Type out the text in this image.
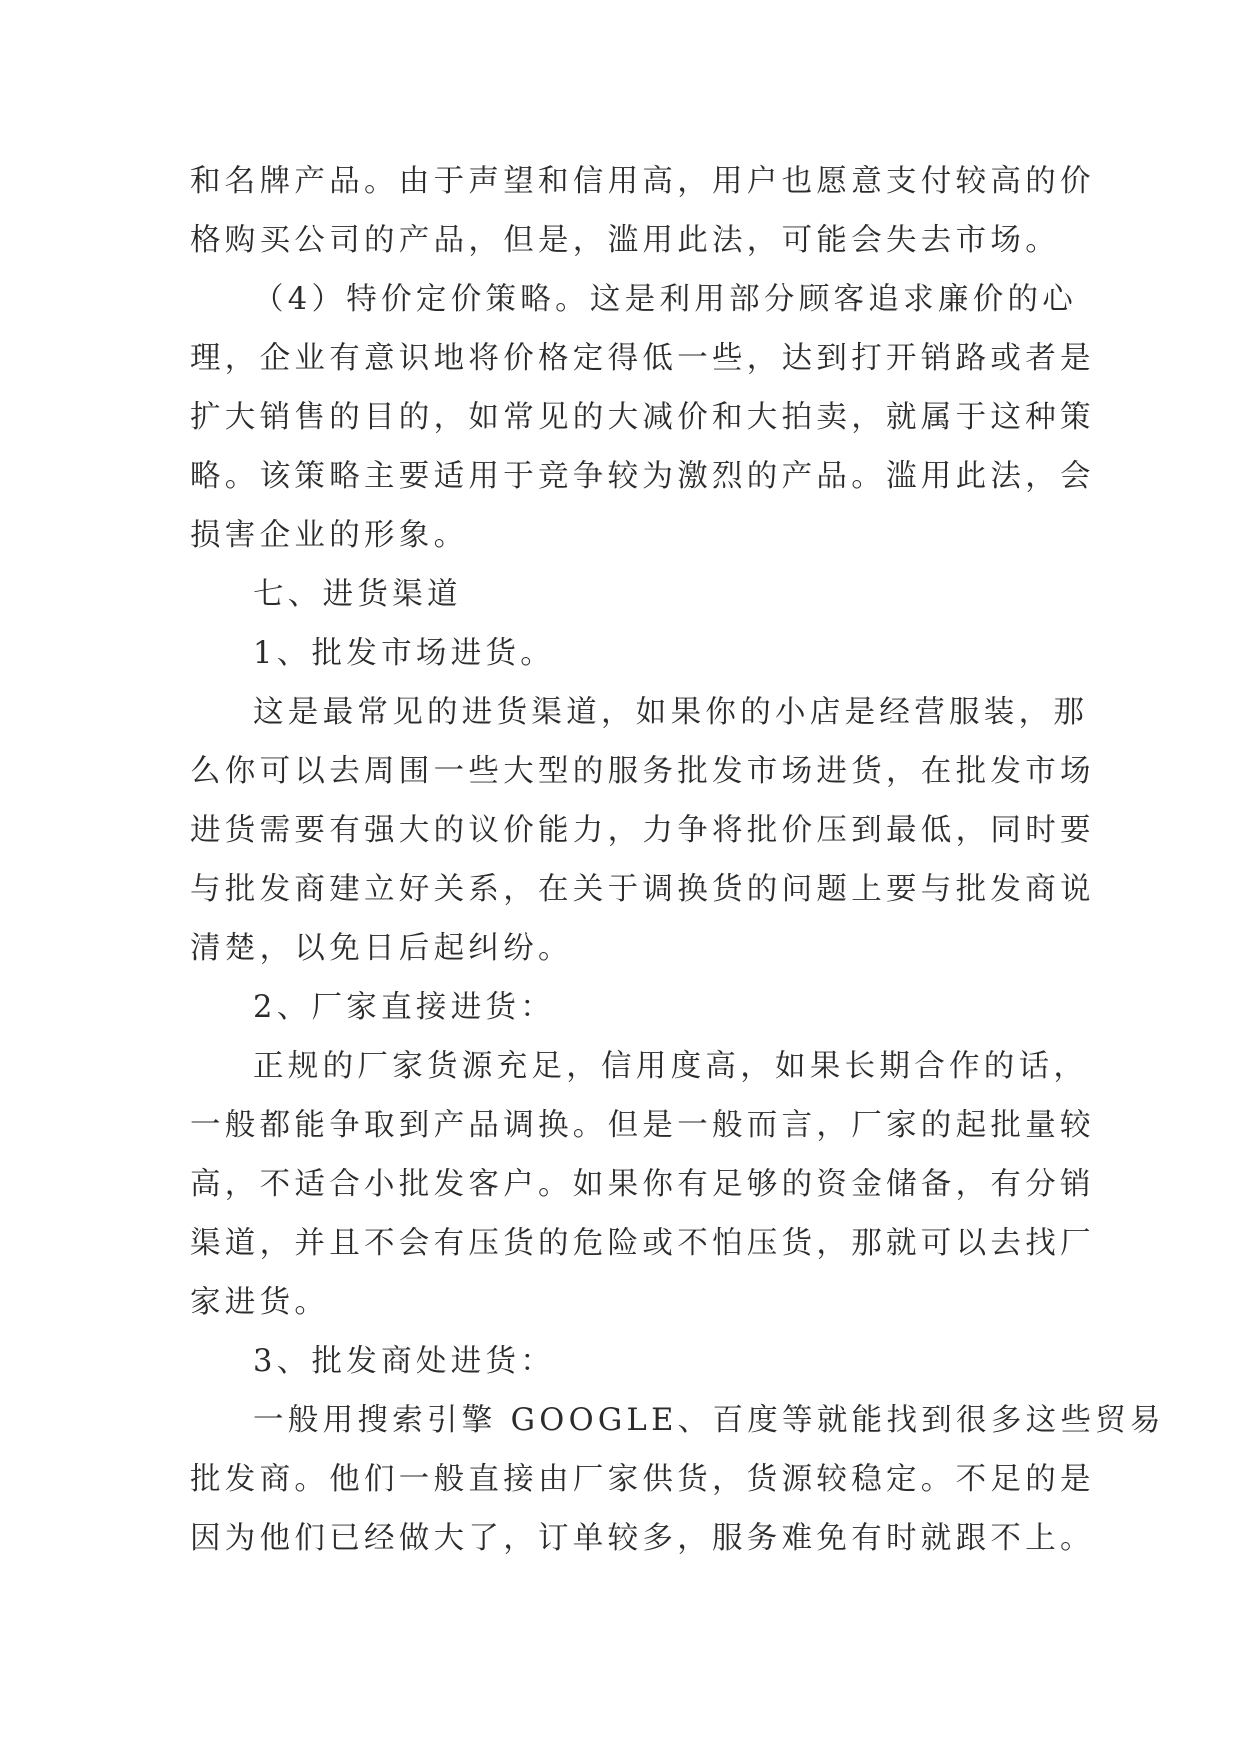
和名牌产品。由于声望和信用高，用户也愿意支付较高的价
格购买公司的产品，但是，滥用此法，可能会失去市场。
（4）特价定价策略。这是利用部分顾客追求廉价的心
理，企业有意识地将价格定得低一些，达到打开销路或者是
扩大销售的目的，如常见的大减价和大拍卖，就属于这种策
略。该策略主要适用于竞争较为激烈的产品。滥用此法，会
损害企业的形象。
七、进货渠道
1、批发市场进货。
这是最常见的进货渠道，如果你的小店是经营服装，那
么你可以去周围一些大型的服务批发市场进货，在批发市场
进货需要有强大的议价能力，力争将批价压到最低，同时要
与批发商建立好关系，在关于调换货的问题上要与批发商说
清楚，以免日后起纠纷。
2、厂家直接进货：
正规的厂家货源充足，信用度高，如果长期合作的话，
一般都能争取到产品调换。但是一般而言，厂家的起批量较
高，不适合小批发客户。如果你有足够的资金储备，有分销
渠道，并且不会有压货的危险或不怕压货，那就可以去找厂
家进货。
3、批发商处进货：
一般用搜索引擎 GOOGLE、百度等就能找到很多这些贸易
批发商。他们一般直接由厂家供货，货源较稳定。不足的是
因为他们已经做大了，订单较多，服务难免有时就跟不上。
